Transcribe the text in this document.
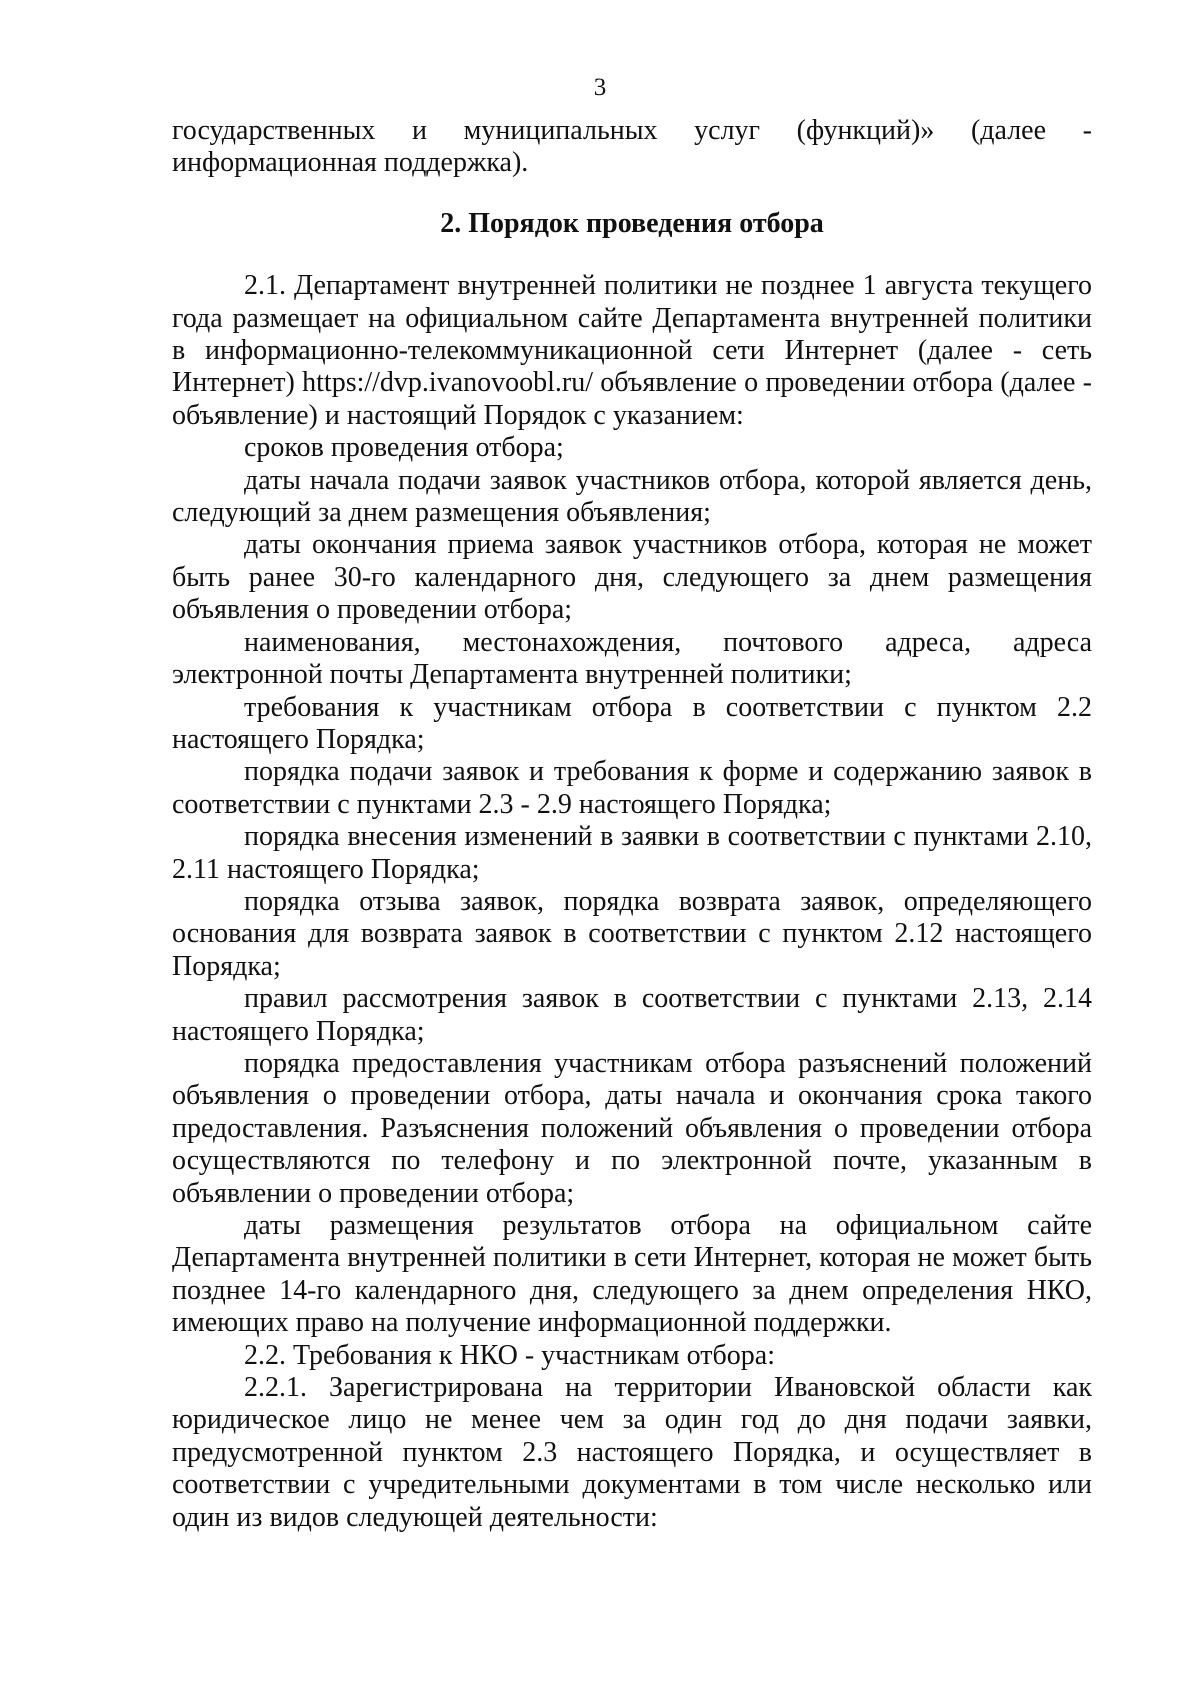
3

государственных и муниципальных услуг (функций)» (далее - информационная поддержка).

2. Порядок проведения отбора

2.1. Департамент внутренней политики не позднее 1 августа текущего года размещает на официальном сайте Департамента внутренней политики в информационно-телекоммуникационной сети Интернет (далее - сеть Интернет) https://dvp.ivanovoobl.ru/ объявление о проведении отбора (далее - объявление) и настоящий Порядок с указанием:

сроков проведения отбора;

даты начала подачи заявок участников отбора, которой является день, следующий за днем размещения объявления;

даты окончания приема заявок участников отбора, которая не может быть ранее 30-го календарного дня, следующего за днем размещения объявления о проведении отбора;

наименования, местонахождения, почтового адреса, адреса электронной почты Департамента внутренней политики;

требования к участникам отбора в соответствии с пунктом 2.2 настоящего Порядка;

порядка подачи заявок и требования к форме и содержанию заявок в соответствии с пунктами 2.3 - 2.9 настоящего Порядка;

порядка внесения изменений в заявки в соответствии с пунктами 2.10, 2.11 настоящего Порядка;

порядка отзыва заявок, порядка возврата заявок, определяющего основания для возврата заявок в соответствии с пунктом 2.12 настоящего Порядка;

правил рассмотрения заявок в соответствии с пунктами 2.13, 2.14 настоящего Порядка;

порядка предоставления участникам отбора разъяснений положений объявления о проведении отбора, даты начала и окончания срока такого предоставления. Разъяснения положений объявления о проведении отбора осуществляются по телефону и по электронной почте, указанным в объявлении о проведении отбора;

даты размещения результатов отбора на официальном сайте Департамента внутренней политики в сети Интернет, которая не может быть позднее 14-го календарного дня, следующего за днем определения НКО, имеющих право на получение информационной поддержки.

2.2. Требования к НКО - участникам отбора:

2.2.1. Зарегистрирована на территории Ивановской области как юридическое лицо не менее чем за один год до дня подачи заявки, предусмотренной пунктом 2.3 настоящего Порядка, и осуществляет в соответствии с учредительными документами в том числе несколько или один из видов следующей деятельности:
